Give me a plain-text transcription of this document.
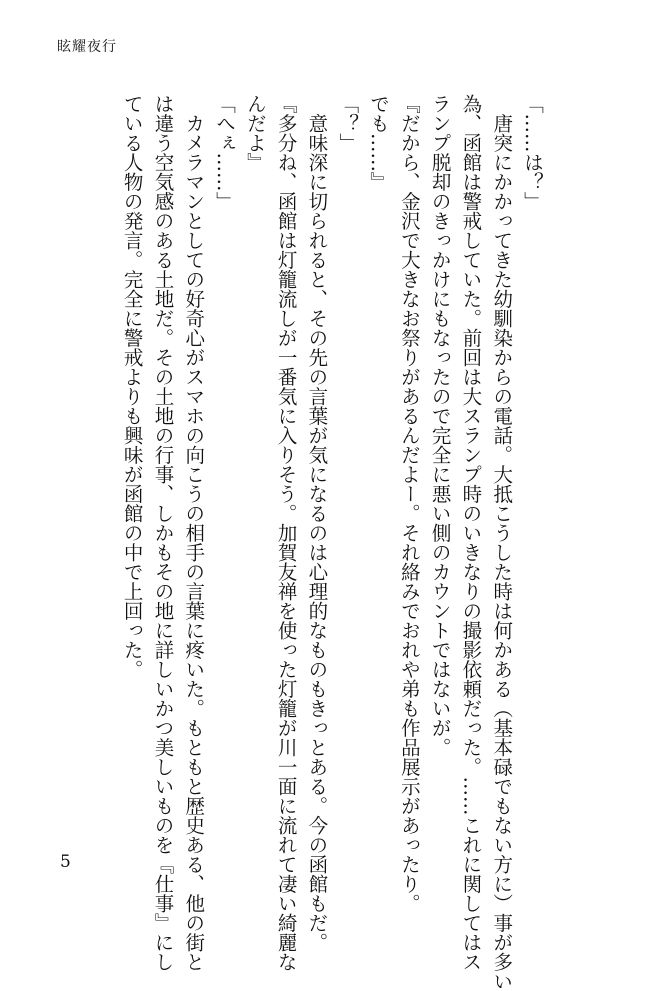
眩耀夜行
「……は？」
　唐突にかかってきた幼馴染からの電話。大抵こうした時は何かある（基本碌でもない方に）事が多い
為、函館は警戒していた。前回は大スランプ時のいきなりの撮影依頼だった。……これに関してはス
ランプ脱却のきっかけにもなったので完全に悪い側のカウントではないが。
『だから、金沢で大きなお祭りがあるんだよー。それ絡みでおれや弟も作品展示があったり。
でも……』
「？」
　意味深に切られると、その先の言葉が気になるのは心理的なものもきっとある。今の函館もだ。
『多分ね、函館は灯籠流しが一番気に入りそう。加賀友禅を使った灯籠が川一面に流れて凄い綺麗な
んだよ』
「へぇ……」
　カメラマンとしての好奇心がスマホの向こうの相手の言葉に疼いた。もともと歴史ある、他の街と
は違う空気感のある土地だ。その土地の行事、しかもその地に詳しいかつ美しいものを『仕事』にし
ている人物の発言。完全に警戒よりも興味が函館の中で上回った。
5
